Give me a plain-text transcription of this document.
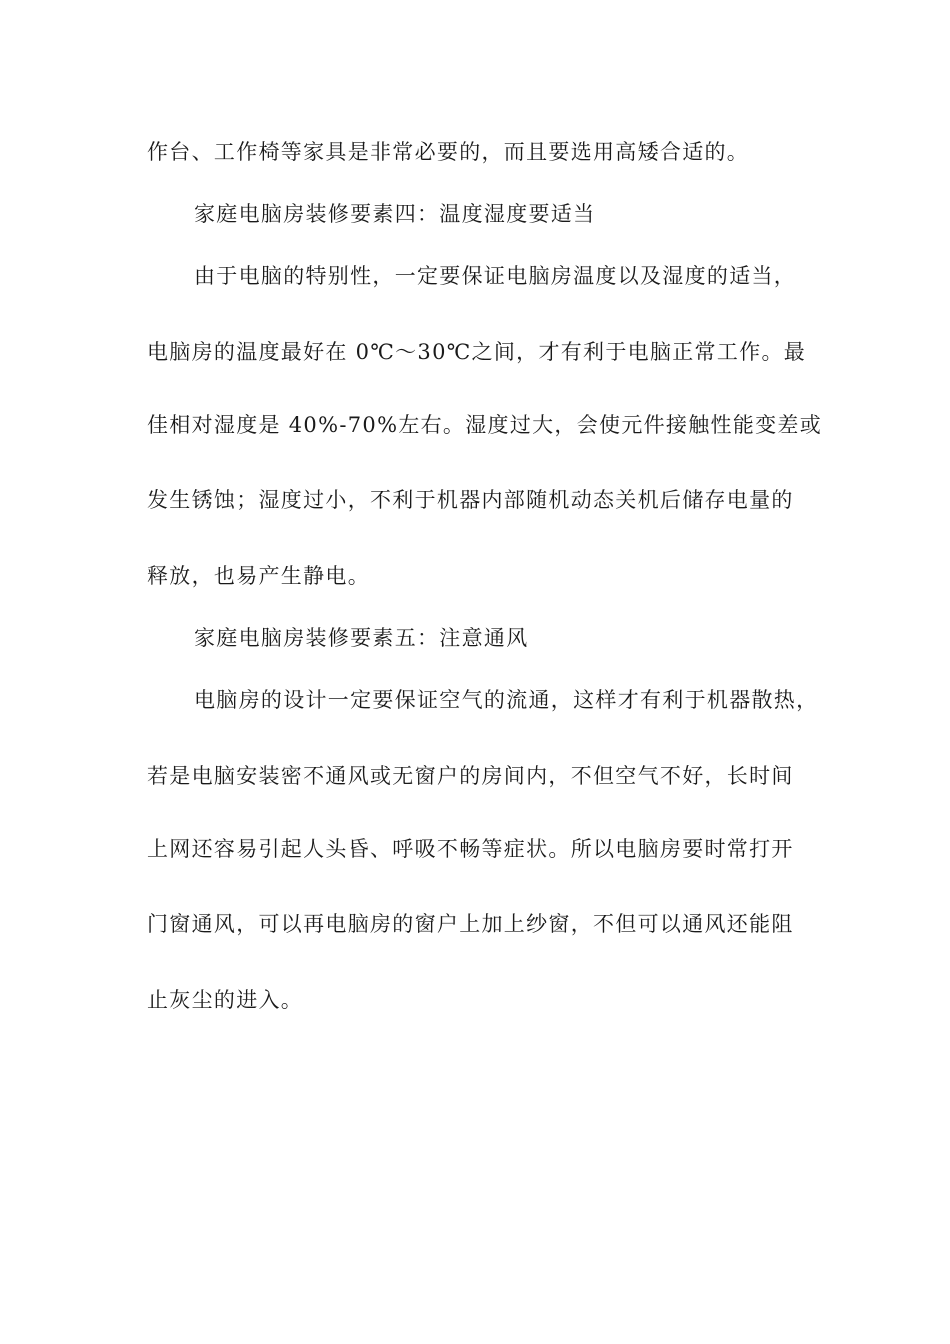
作台、工作椅等家具是非常必要的，而且要选用高矮合适的。
家庭电脑房装修要素四：温度湿度要适当
由于电脑的特别性，一定要保证电脑房温度以及湿度的适当，
电脑房的温度最好在 0℃～30℃之间，才有利于电脑正常工作。最
佳相对湿度是 40%-70%左右。湿度过大，会使元件接触性能变差或
发生锈蚀；湿度过小，不利于机器内部随机动态关机后储存电量的
释放，也易产生静电。
家庭电脑房装修要素五：注意通风
电脑房的设计一定要保证空气的流通，这样才有利于机器散热，
若是电脑安装密不通风或无窗户的房间内，不但空气不好，长时间
上网还容易引起人头昏、呼吸不畅等症状。所以电脑房要时常打开
门窗通风，可以再电脑房的窗户上加上纱窗，不但可以通风还能阻
止灰尘的进入。
